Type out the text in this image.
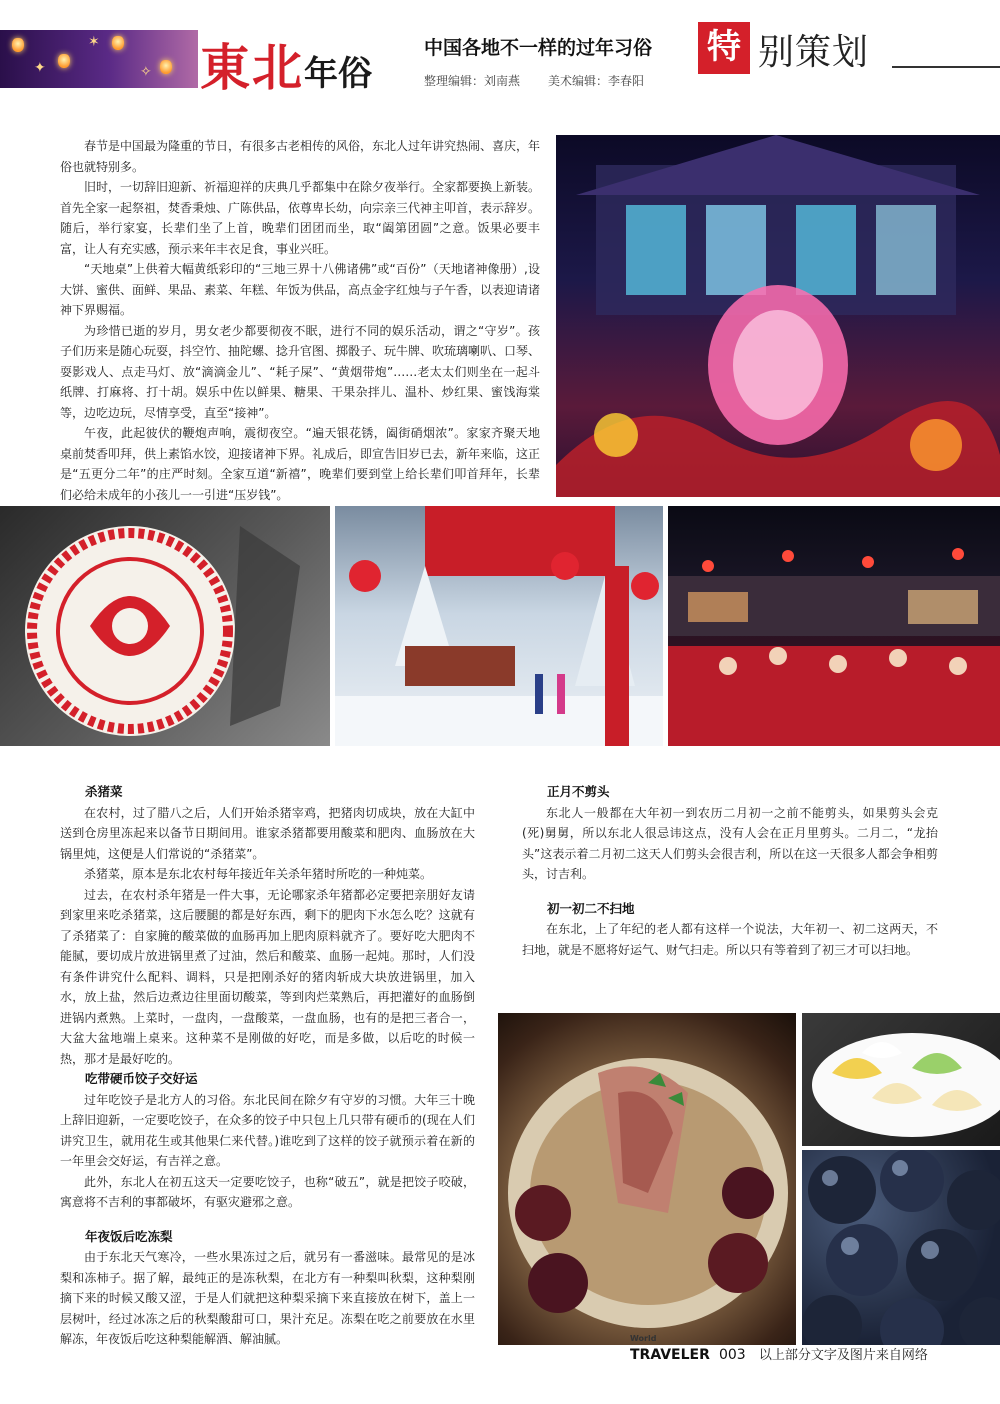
✦
✶
✧ 東北年俗
中国各地不一样的过年习俗
整理编辑：刘南燕 美术编辑：李春阳
特 别策划

春节是中国最为隆重的节日，有很多古老相传的风俗，东北人过年讲究热闹、喜庆，年俗也就特别多。

旧时，一切辞旧迎新、祈福迎祥的庆典几乎都集中在除夕夜举行。全家都要换上新装。首先全家一起祭祖，焚香秉烛、广陈供品，依尊卑长幼，向宗亲三代神主叩首，表示辞岁。随后，举行家宴，长辈们坐了上首，晚辈们团团而坐，取“阖第团圆”之意。饭果必要丰富，让人有充实感，预示来年丰衣足食，事业兴旺。

“天地桌”上供着大幅黄纸彩印的“三地三界十八佛诸佛”或“百份”（天地诸神像册）,设大饼、蜜供、面鲜、果品、素菜、年糕、年饭为供品，高点金字红烛与子午香，以表迎请诸神下界赐福。

为珍惜已逝的岁月，男女老少都要彻夜不眠，进行不同的娱乐活动，谓之“守岁”。孩子们历来是随心玩耍，抖空竹、抽陀螺、捻升官图、掷骰子、玩牛牌、吹琉璃喇叭、口琴、耍影戏人、点走马灯、放“滴滴金儿”、“耗子屎”、“黄烟带炮”……老太太们则坐在一起斗纸牌、打麻将、打十胡。娱乐中佐以鲜果、糖果、干果杂拌儿、温朴、炒红果、蜜饯海棠等，边吃边玩，尽情享受，直至“接神”。

午夜，此起彼伏的鞭炮声响，震彻夜空。“遍天银花锈，阖街硝烟浓”。家家齐聚天地桌前焚香叩拜，供上素馅水饺，迎接诸神下界。礼成后，即宣告旧岁已去，新年来临，这正是“五更分二年”的庄严时刻。全家互道“新禧”，晚辈们要到堂上给长辈们叩首拜年，长辈们必给未成年的小孩儿一一引进“压岁钱”。

杀猪菜

在农村，过了腊八之后，人们开始杀猪宰鸡，把猪肉切成块，放在大缸中送到仓房里冻起来以备节日期间用。谁家杀猪都要用酸菜和肥肉、血肠放在大锅里炖，这便是人们常说的“杀猪菜”。

杀猪菜，原本是东北农村每年接近年关杀年猪时所吃的一种炖菜。

过去，在农村杀年猪是一件大事，无论哪家杀年猪都必定要把亲朋好友请到家里来吃杀猪菜，这后腰腿的都是好东西，剩下的肥肉下水怎么吃？这就有了杀猪菜了：自家腌的酸菜做的血肠再加上肥肉原料就齐了。要好吃大肥肉不能腻，要切成片放进锅里煮了过油，然后和酸菜、血肠一起炖。那时，人们没有条件讲究什么配料、调料，只是把刚杀好的猪肉斩成大块放进锅里，加入水，放上盐，然后边煮边往里面切酸菜，等到肉烂菜熟后，再把灌好的血肠倒进锅内煮熟。上菜时，一盘肉，一盘酸菜，一盘血肠，也有的是把三者合一，大盆大盆地端上桌来。这种菜不是刚做的好吃，而是多做，以后吃的时候一热，那才是最好吃的。

吃带硬币饺子交好运

过年吃饺子是北方人的习俗。东北民间在除夕有守岁的习惯。大年三十晚上辞旧迎新，一定要吃饺子，在众多的饺子中只包上几只带有硬币的(现在人们讲究卫生，就用花生或其他果仁来代替。)谁吃到了这样的饺子就预示着在新的一年里会交好运，有吉祥之意。

此外，东北人在初五这天一定要吃饺子，也称“破五”，就是把饺子咬破，寓意将不吉利的事都破坏，有驱灾避邪之意。

年夜饭后吃冻梨

由于东北天气寒冷，一些水果冻过之后，就另有一番滋味。最常见的是冰梨和冻柿子。据了解，最纯正的是冻秋梨，在北方有一种梨叫秋梨，这种梨刚摘下来的时候又酸又涩，于是人们就把这种梨采摘下来直接放在树下，盖上一层树叶，经过冰冻之后的秋梨酸甜可口，果汁充足。冻梨在吃之前要放在水里解冻，年夜饭后吃这种梨能解酒、解油腻。

正月不剪头

东北人一般都在大年初一到农历二月初一之前不能剪头，如果剪头会克(死)舅舅，所以东北人很忌讳这点，没有人会在正月里剪头。二月二，“龙抬头”这表示着二月初二这天人们剪头会很吉利，所以在这一天很多人都会争相剪头，讨吉利。

初一初二不扫地

在东北，上了年纪的老人都有这样一个说法，大年初一、初二这两天，不扫地，就是不愿将好运气、财气扫走。所以只有等着到了初三才可以扫地。

World
TRAVELER 003 以上部分文字及图片来自网络
